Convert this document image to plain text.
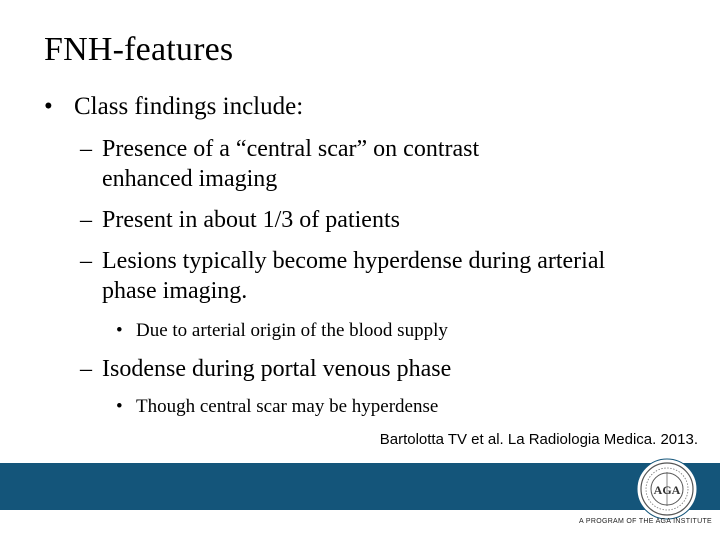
FNH-features
• Class findings include:
– Presence of a “central scar” on contrast enhanced imaging
– Present in about 1/3 of patients
– Lesions typically become hyperdense during arterial phase imaging.
• Due to arterial origin of the blood supply
– Isodense during portal venous phase
• Though central scar may be hyperdense
Bartolotta TV et al. La Radiologia Medica. 2013.
AGA
A PROGRAM OF THE AGA INSTITUTE
